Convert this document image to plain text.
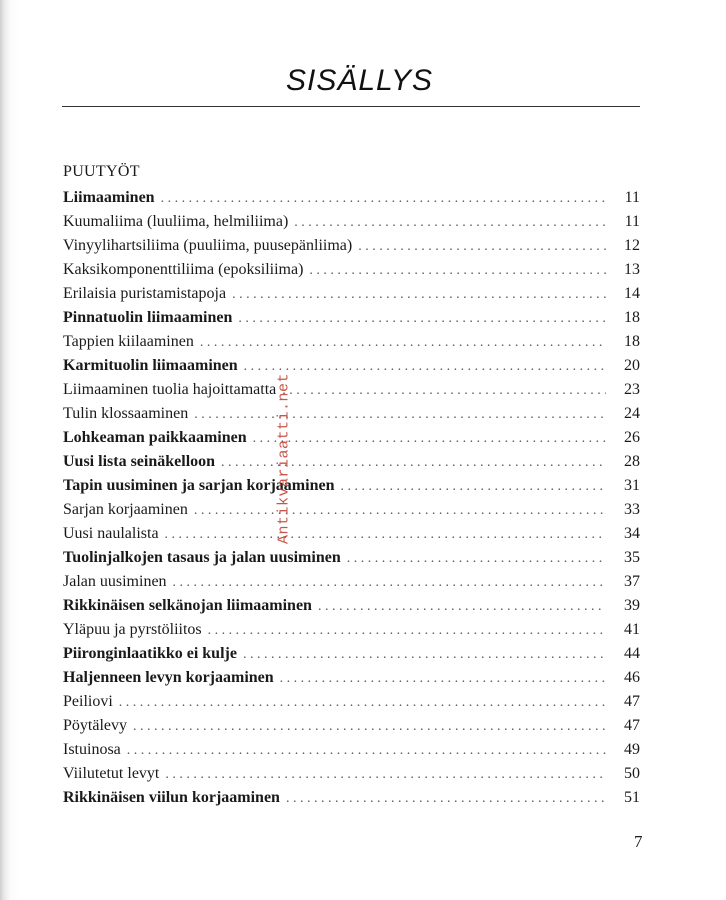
SISÄLLYS
PUUTYÖT
Liimaaminen . . .	11
Kuumaliima (luuliima, helmiliima) . . .	11
Vinyylihartsiliima (puuliima, puusepänliima) . . .	12
Kaksikomponenttiliima (epoksiliima) . . .	13
Erilaisia puristamistapoja . . .	14
Pinnatuolin liimaaminen . . .	18
Tappien kiilaaminen . . .	18
Karmituolin liimaaminen . . .	20
Liimaaminen tuolia hajoittamatta . . .	23
Tulin klossaaminen . . .	24
Lohkeaman paikkaaminen . . .	26
Uusi lista seinäkelloon . . .	28
Tapin uusiminen ja sarjan korjaaminen . . .	31
Sarjan korjaaminen . . .	33
Uusi naulalista . . .	34
Tuolinjalkojen tasaus ja jalan uusiminen . . .	35
Jalan uusiminen . . .	37
Rikkinäisen selkänojan liimaaminen . . .	39
Yläpuu ja pyrstöliitos . . .	41
Piironginlaatikko ei kulje . . .	44
Haljenneen levyn korjaaminen . . .	46
Peiliovi . . .	47
Pöytälevy . . .	47
Istuinosa . . .	49
Viilutetut levyt . . .	50
Rikkinäisen viilun korjaaminen . . .	51
Antikvariaatti.net
7
